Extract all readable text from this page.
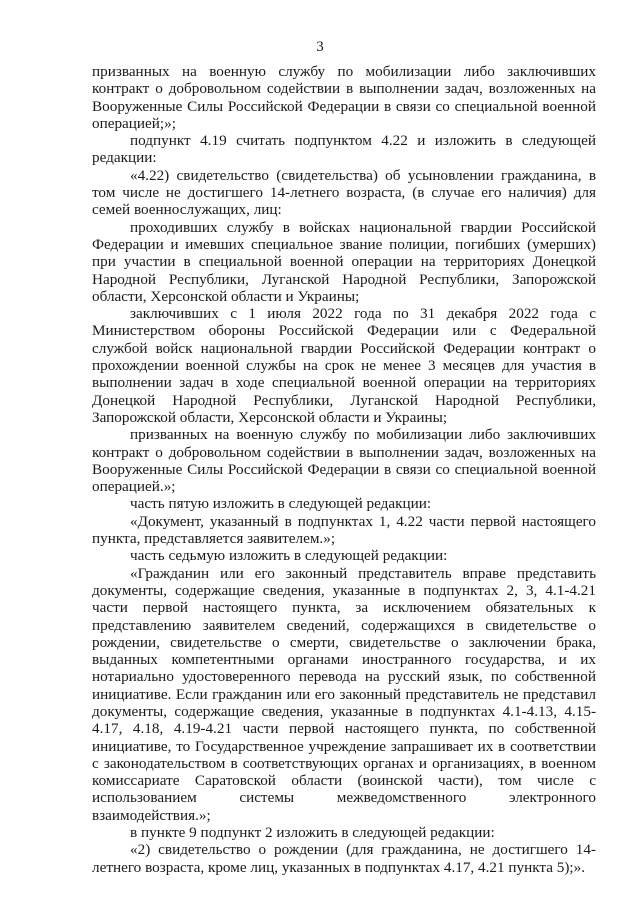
3

призванных на военную службу по мобилизации либо заключивших контракт о добровольном содействии в выполнении задач, возложенных на Вооруженные Силы Российской Федерации в связи со специальной военной операцией;»;

подпункт 4.19 считать подпунктом 4.22 и изложить в следующей редакции:

«4.22) свидетельство (свидетельства) об усыновлении гражданина, в том числе не достигшего 14-летнего возраста, (в случае его наличия) для семей военнослужащих, лиц:

проходивших службу в войсках национальной гвардии Российской Федерации и имевших специальное звание полиции, погибших (умерших) при участии в специальной военной операции на территориях Донецкой Народной Республики, Луганской Народной Республики, Запорожской области, Херсонской области и Украины;

заключивших с 1 июля 2022 года по 31 декабря 2022 года с Министерством обороны Российской Федерации или с Федеральной службой войск национальной гвардии Российской Федерации контракт о прохождении военной службы на срок не менее 3 месяцев для участия в выполнении задач в ходе специальной военной операции на территориях Донецкой Народной Республики, Луганской Народной Республики, Запорожской области, Херсонской области и Украины;

призванных на военную службу по мобилизации либо заключивших контракт о добровольном содействии в выполнении задач, возложенных на Вооруженные Силы Российской Федерации в связи со специальной военной операцией.»;

часть пятую изложить в следующей редакции:

«Документ, указанный в подпунктах 1, 4.22 части первой настоящего пункта, представляется заявителем.»;

часть седьмую изложить в следующей редакции:

«Гражданин или его законный представитель вправе представить документы, содержащие сведения, указанные в подпунктах 2, 3, 4.1-4.21 части первой настоящего пункта, за исключением обязательных к представлению заявителем сведений, содержащихся в свидетельстве о рождении, свидетельстве о смерти, свидетельстве о заключении брака, выданных компетентными органами иностранного государства, и их нотариально удостоверенного перевода на русский язык, по собственной инициативе. Если гражданин или его законный представитель не представил документы, содержащие сведения, указанные в подпунктах 4.1-4.13, 4.15-4.17, 4.18, 4.19-4.21 части первой настоящего пункта, по собственной инициативе, то Государственное учреждение запрашивает их в соответствии с законодательством в соответствующих органах и организациях, в военном комиссариате Саратовской области (воинской части), том числе с использованием системы межведомственного электронного взаимодействия.»;

в пункте 9 подпункт 2 изложить в следующей редакции:

«2) свидетельство о рождении (для гражданина, не достигшего 14-летнего возраста, кроме лиц, указанных в подпунктах 4.17, 4.21 пункта 5);».
